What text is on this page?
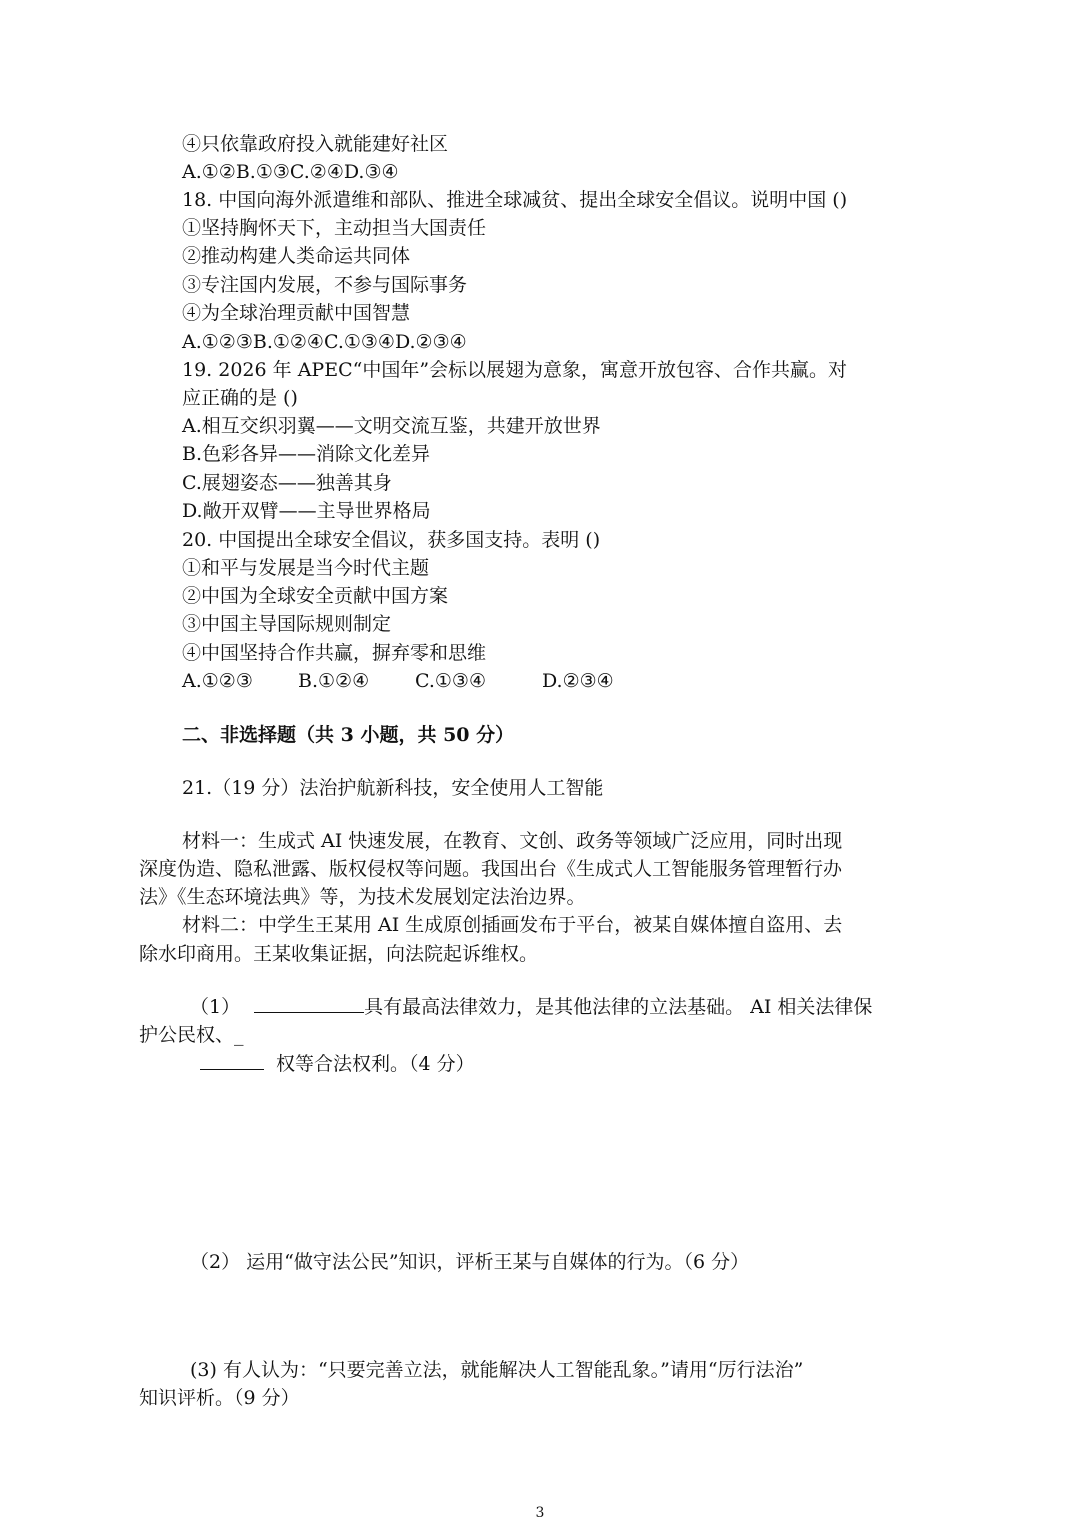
④只依靠政府投入就能建好社区
A.①②B.①③C.②④D.③④
18. 中国向海外派遣维和部队、推进全球减贫、提出全球安全倡议。说明中国 ()
①坚持胸怀天下，主动担当大国责任
②推动构建人类命运共同体
③专注国内发展，不参与国际事务
④为全球治理贡献中国智慧
A.①②③B.①②④C.①③④D.②③④
19. 2026 年 APEC“中国年”会标以展翅为意象，寓意开放包容、合作共赢。对
应正确的是 ()
A.相互交织羽翼——文明交流互鉴，共建开放世界
B.色彩各异——消除文化差异
C.展翅姿态——独善其身
D.敞开双臂——主导世界格局
20. 中国提出全球安全倡议，获多国支持。表明 ()
①和平与发展是当今时代主题
②中国为全球安全贡献中国方案
③中国主导国际规则制定
④中国坚持合作共赢，摒弃零和思维
A.①②③ B.①②④ C.①③④	D.②③④
二、非选择题（共 3 小题，共 50 分）
21.（19 分）法治护航新科技，安全使用人工智能
材料一：生成式 AI 快速发展，在教育、文创、政务等领域广泛应用，同时出现
深度伪造、隐私泄露、版权侵权等问题。我国出台《生成式人工智能服务管理暂行办
法》《生态环境法典》等，为技术发展划定法治边界。
材料二：中学生王某用 AI 生成原创插画发布于平台，被某自媒体擅自盗用、去
除水印商用。王某收集证据，向法院起诉维权。
（1）	具有最高法律效力，是其他法律的立法基础。 AI 相关法律保
护公民权、_
权等合法权利。（4 分）
（2） 运用“做守法公民”知识，评析王某与自媒体的行为。（6 分）
(3) 有人认为：“只要完善立法，就能解决人工智能乱象。”请用“厉行法治”
知识评析。（9 分）
3
